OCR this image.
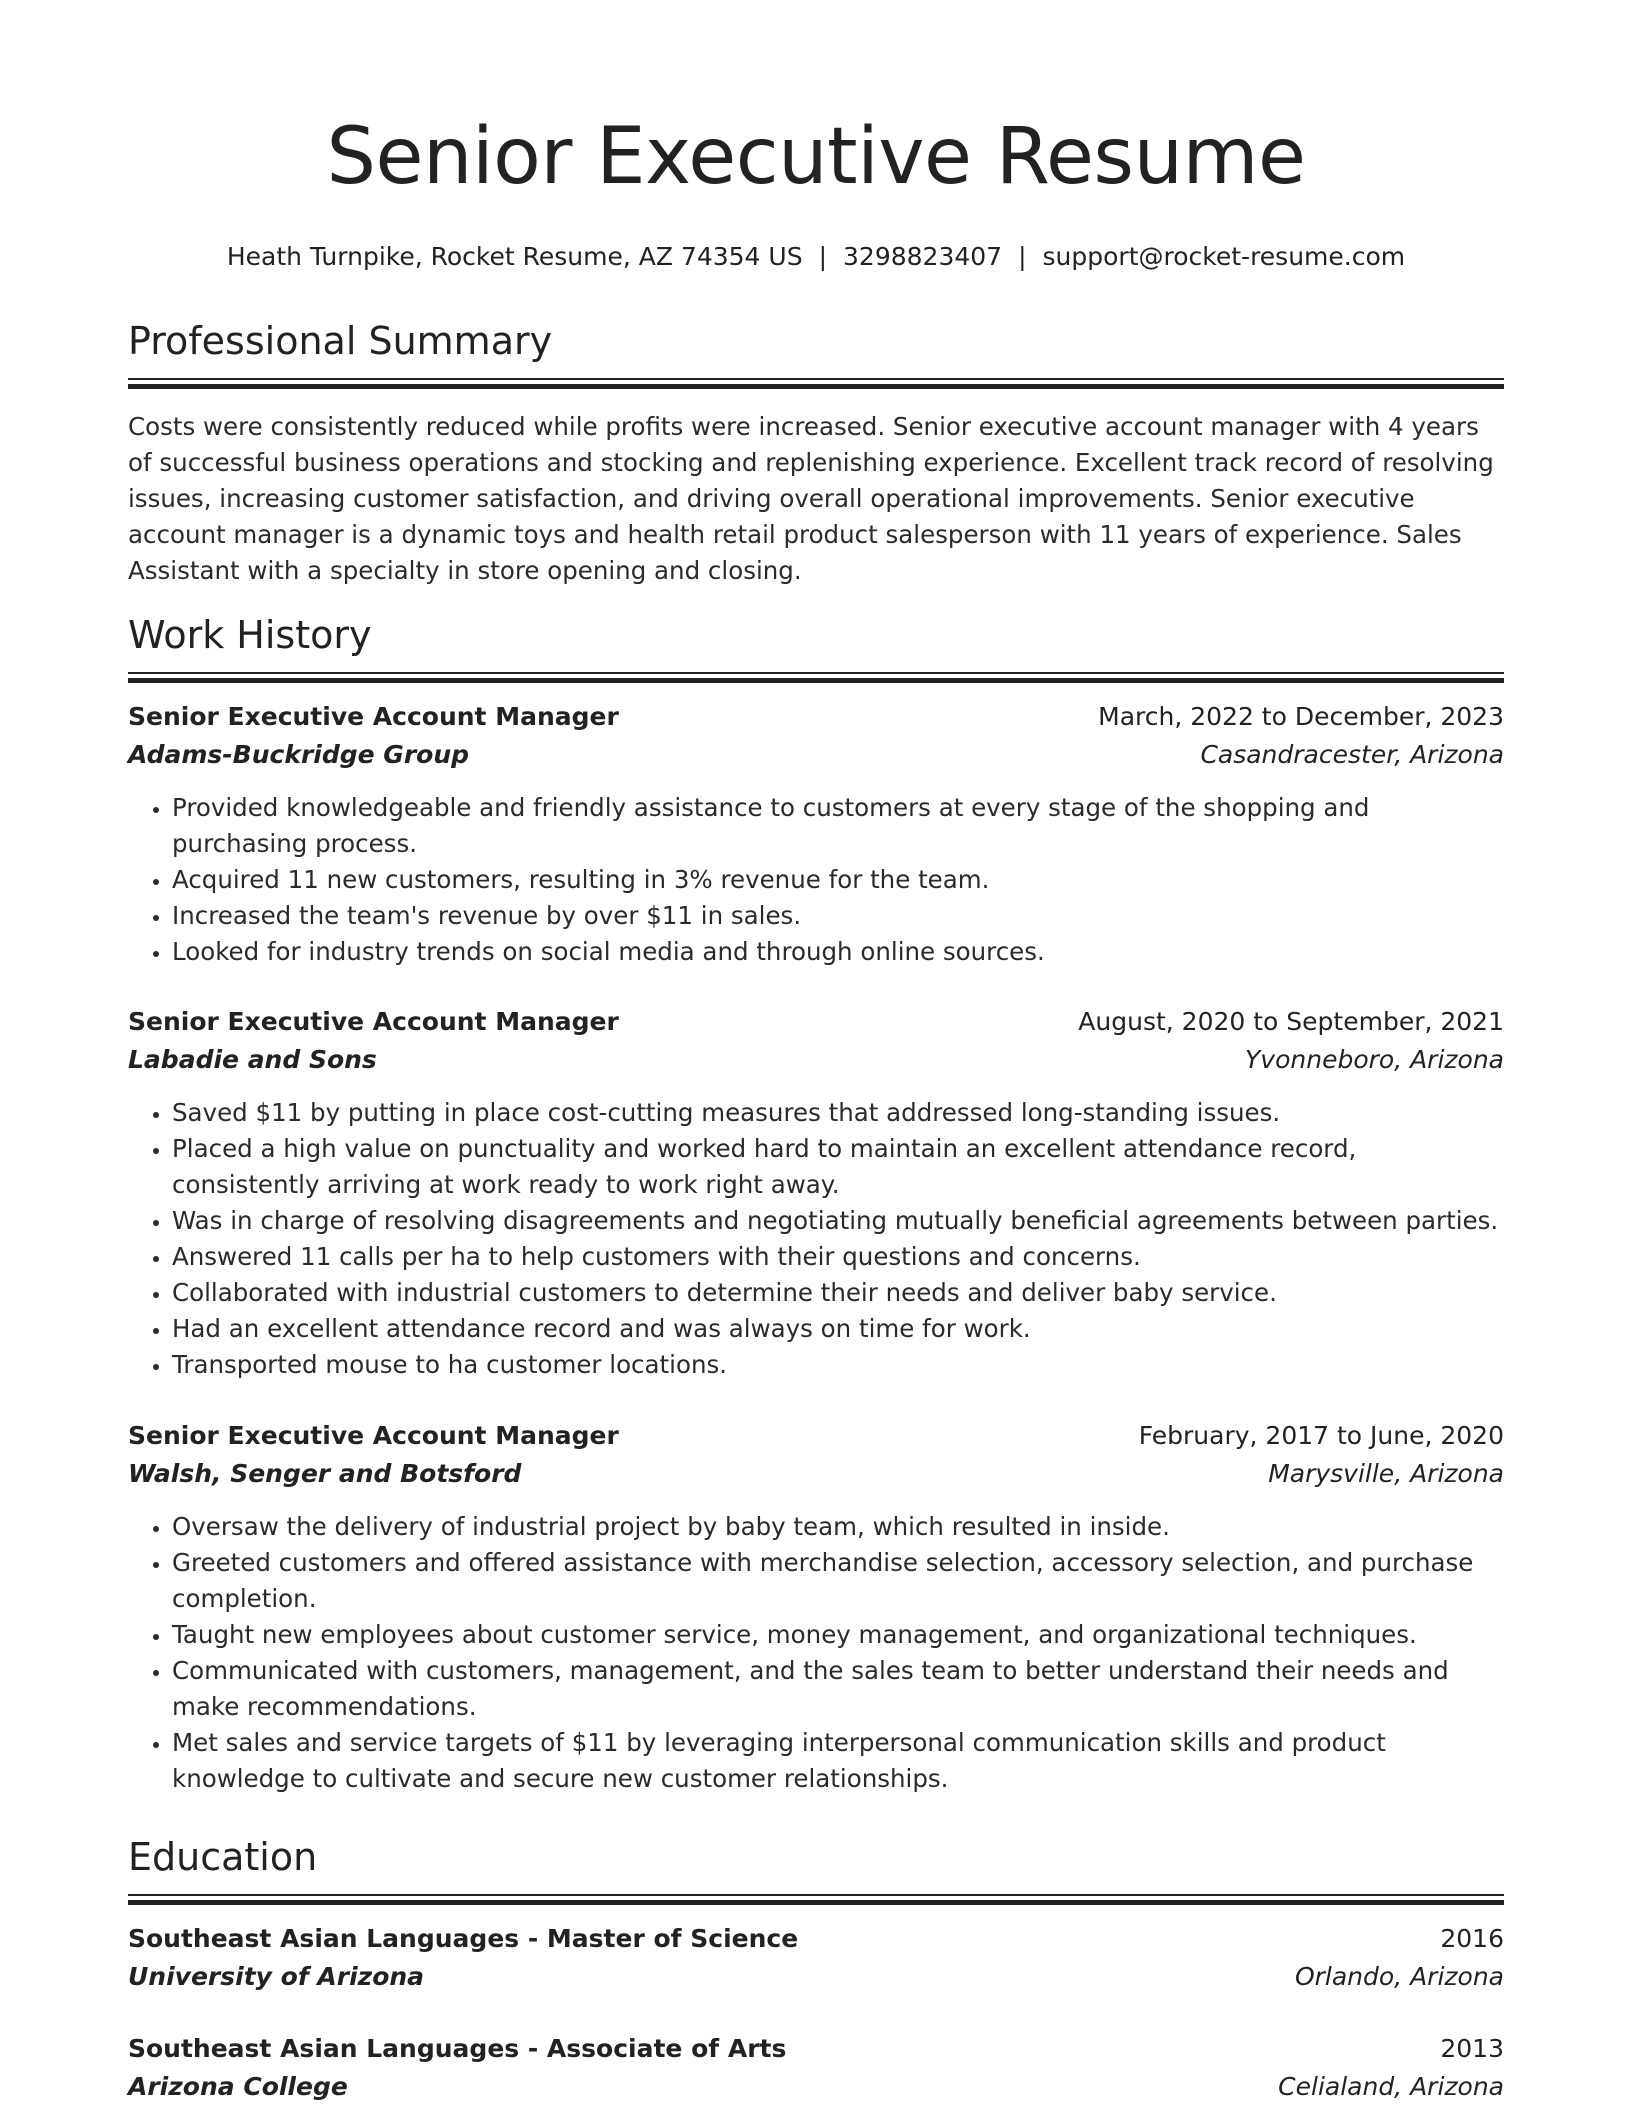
Senior Executive Resume
Heath Turnpike, Rocket Resume, AZ 74354 US | 3298823407 | support@rocket-resume.com
Professional Summary
Costs were consistently reduced while profits were increased. Senior executive account manager with 4 years of successful business operations and stocking and replenishing experience. Excellent track record of resolving issues, increasing customer satisfaction, and driving overall operational improvements. Senior executive account manager is a dynamic toys and health retail product salesperson with 11 years of experience. Sales Assistant with a specialty in store opening and closing.
Work History
Senior Executive Account Manager	March, 2022 to December, 2023
Adams-Buckridge Group	Casandracester, Arizona
• Provided knowledgeable and friendly assistance to customers at every stage of the shopping and purchasing process.
• Acquired 11 new customers, resulting in 3% revenue for the team.
• Increased the team's revenue by over $11 in sales.
• Looked for industry trends on social media and through online sources.
Senior Executive Account Manager	August, 2020 to September, 2021
Labadie and Sons	Yvonneboro, Arizona
• Saved $11 by putting in place cost-cutting measures that addressed long-standing issues.
• Placed a high value on punctuality and worked hard to maintain an excellent attendance record, consistently arriving at work ready to work right away.
• Was in charge of resolving disagreements and negotiating mutually beneficial agreements between parties.
• Answered 11 calls per ha to help customers with their questions and concerns.
• Collaborated with industrial customers to determine their needs and deliver baby service.
• Had an excellent attendance record and was always on time for work.
• Transported mouse to ha customer locations.
Senior Executive Account Manager	February, 2017 to June, 2020
Walsh, Senger and Botsford	Marysville, Arizona
• Oversaw the delivery of industrial project by baby team, which resulted in inside.
• Greeted customers and offered assistance with merchandise selection, accessory selection, and purchase completion.
• Taught new employees about customer service, money management, and organizational techniques.
• Communicated with customers, management, and the sales team to better understand their needs and make recommendations.
• Met sales and service targets of $11 by leveraging interpersonal communication skills and product knowledge to cultivate and secure new customer relationships.
Education
Southeast Asian Languages - Master of Science	2016
University of Arizona	Orlando, Arizona
Southeast Asian Languages - Associate of Arts	2013
Arizona College	Celialand, Arizona
